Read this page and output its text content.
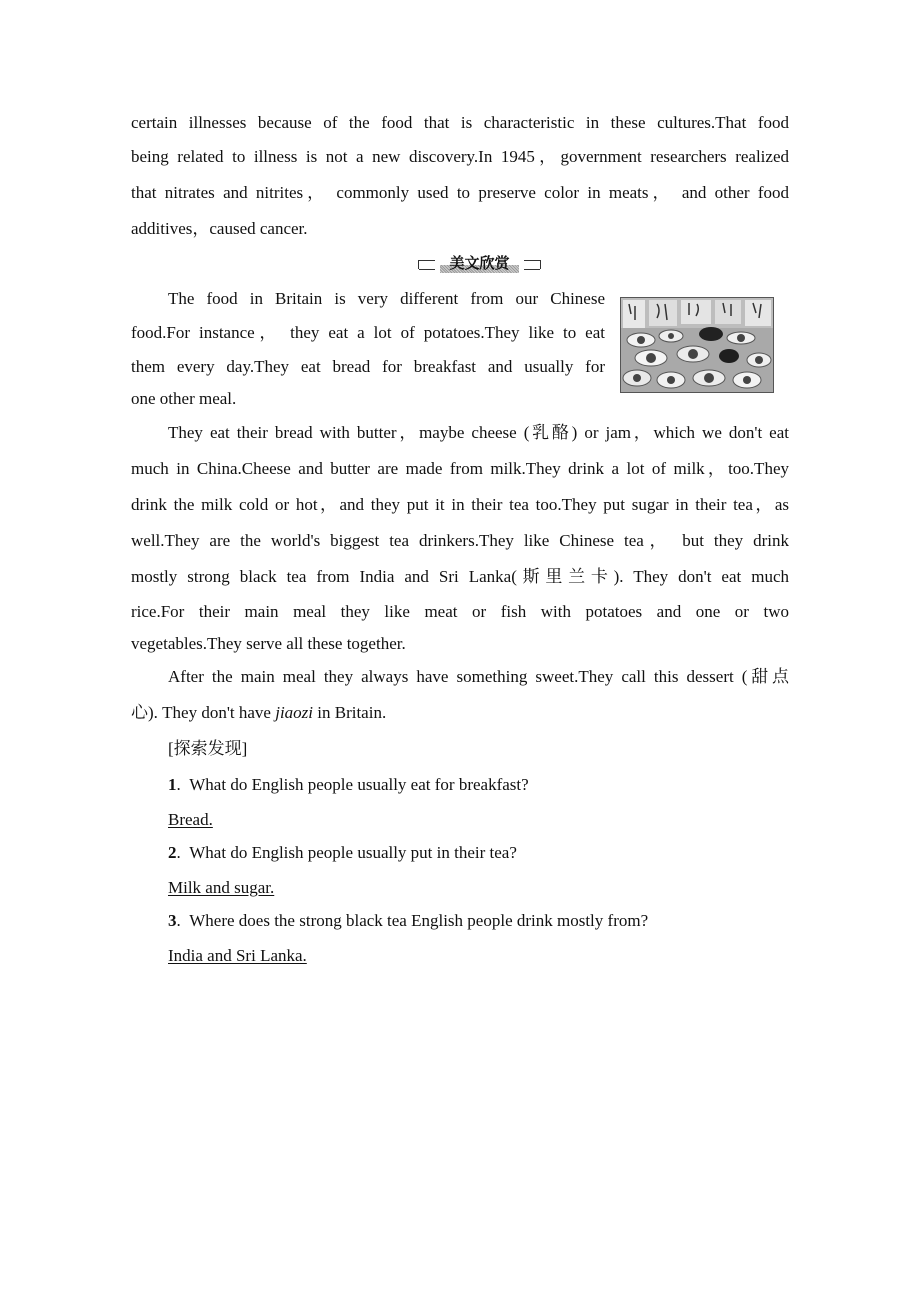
certain illnesses because of the food that is characteristic in these cultures.That food
being related to illness is not a new discovery.In 1945，government researchers realized
that nitrates and nitrites， commonly used to preserve color in meats， and other food
additives，caused cancer.
美文欣赏
The food in Britain is very different from our Chinese
food.For instance， they eat a lot of potatoes.They like to eat
them every day.They eat bread for breakfast and usually for
one other meal.
They eat their bread with butter，maybe cheese (乳酪) or jam，which we don't eat
much in China.Cheese and butter are made from milk.They drink a lot of milk，too.They
drink the milk cold or hot，and they put it in their tea too.They put sugar in their tea，as
well.They are the world's biggest tea drinkers.They like Chinese tea， but they drink
mostly strong black tea from India and Sri Lanka(斯里兰卡). They don't eat much
rice.For their main meal they like meat or fish with potatoes and one or two
vegetables.They serve all these together.
After the main meal they always have something sweet.They call this dessert (甜点
心). They don't have jiaozi in Britain.
[探索发现]
1.  What do English people usually eat for breakfast?
Bread.
2.  What do English people usually put in their tea?
Milk and sugar.
3.  Where does the strong black tea English people drink mostly from?
India and Sri Lanka.
